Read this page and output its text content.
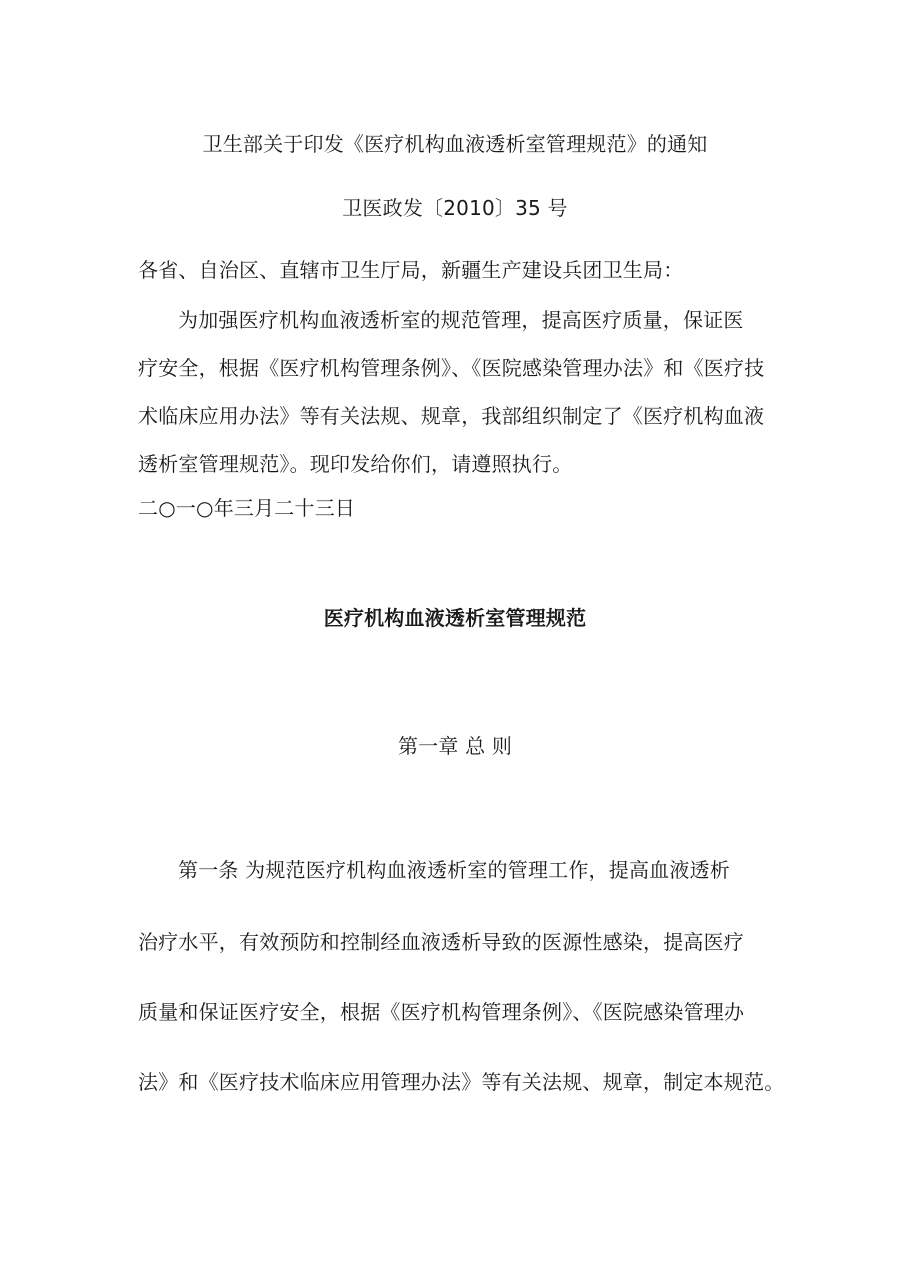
卫生部关于印发《医疗机构血液透析室管理规范》的通知
卫医政发〔2010〕35 号
各省、自治区、直辖市卫生厅局，新疆生产建设兵团卫生局：
为加强医疗机构血液透析室的规范管理，提高医疗质量，保证医
疗安全，根据《医疗机构管理条例》、《医院感染管理办法》和《医疗技
术临床应用办法》等有关法规、规章，我部组织制定了《医疗机构血液
透析室管理规范》。现印发给你们，请遵照执行。
二○一○年三月二十三日
医疗机构血液透析室管理规范
第一章 总 则
第一条 为规范医疗机构血液透析室的管理工作，提高血液透析
治疗水平，有效预防和控制经血液透析导致的医源性感染，提高医疗
质量和保证医疗安全，根据《医疗机构管理条例》、《医院感染管理办
法》和《医疗技术临床应用管理办法》等有关法规、规章，制定本规范。
